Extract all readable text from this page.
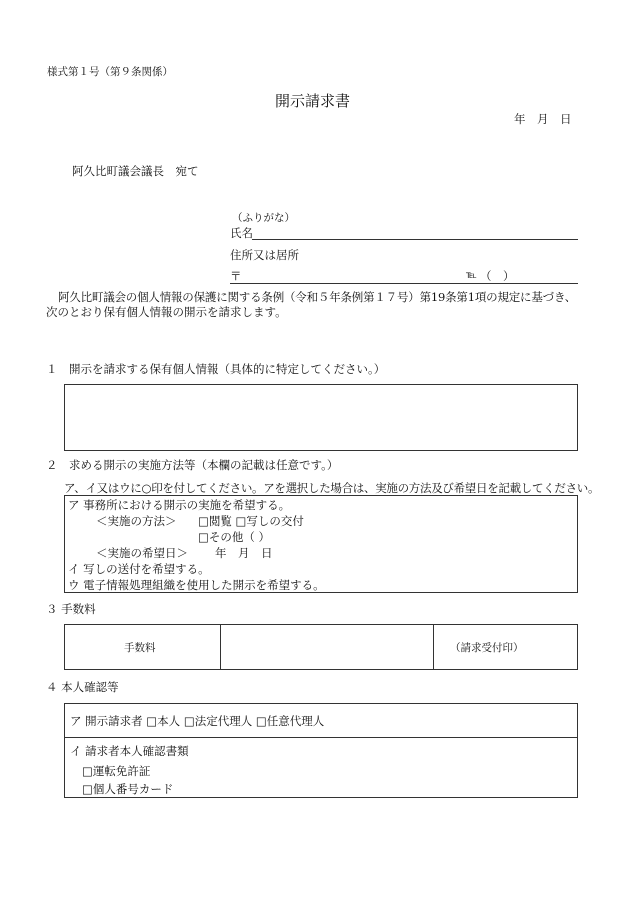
様式第１号（第９条関係）
開示請求書
年　月　日
阿久比町議会議長　宛て
（ふりがな）
氏名
住所又は居所
〒	℡ （　）
阿久比町議会の個人情報の保護に関する条例（令和５年条例第１７号）第19条第1項の規定に基づき、
次のとおり保有個人情報の開示を請求します。
１　開示を請求する保有個人情報（具体的に特定してください。）
２　求める開示の実施方法等（本欄の記載は任意です。）
ア、イ又はウに○印を付してください。アを選択した場合は、実施の方法及び希望日を記載してください。
ア 事務所における開示の実施を希望する。
＜実施の方法＞ □閲覧 □写しの交付
□その他（ ）
＜実施の希望日＞ 年　月　日
イ 写しの送付を希望する。
ウ 電子情報処理組織を使用した開示を希望する。
３ 手数料
手数料	（請求受付印）
４ 本人確認等
ア 開示請求者 □本人 □法定代理人 □任意代理人
イ 請求者本人確認書類
□運転免許証
□個人番号カード
